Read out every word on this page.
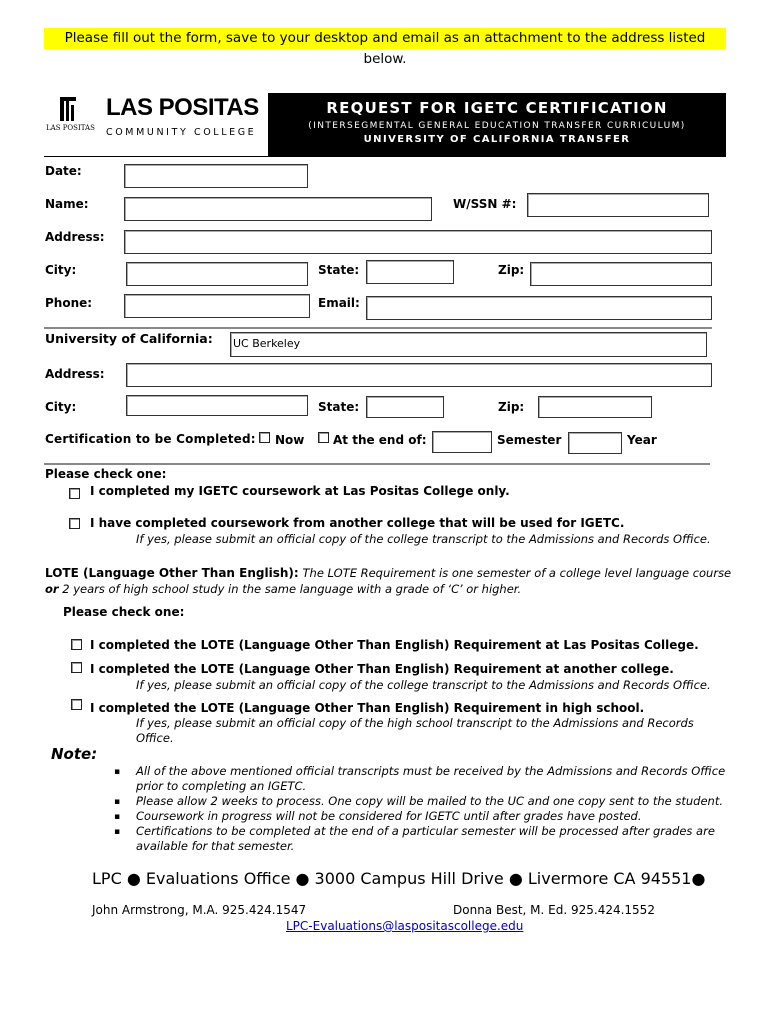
Please fill out the form, save to your desktop and email as an attachment to the address listed below.
LAS POSITAS
LAS POSITAS
COMMUNITY COLLEGE
REQUEST FOR IGETC CERTIFICATION
(INTERSEGMENTAL GENERAL EDUCATION TRANSFER CURRICULUM)
UNIVERSITY OF CALIFORNIA TRANSFER
Date:
Name:	W/SSN #:
Address:
City:	State:	Zip:
Phone:	Email:
University of California: UC Berkeley
Address:
City:	State:	Zip:
Certification to be Completed: Now At the end of:	Semester	Year
Please check one:
I completed my IGETC coursework at Las Positas College only.
I have completed coursework from another college that will be used for IGETC.
If yes, please submit an official copy of the college transcript to the Admissions and Records Office.
LOTE (Language Other Than English): The LOTE Requirement is one semester of a college level language course
or 2 years of high school study in the same language with a grade of ‘C’ or higher.
Please check one:
I completed the LOTE (Language Other Than English) Requirement at Las Positas College.
I completed the LOTE (Language Other Than English) Requirement at another college.
If yes, please submit an official copy of the college transcript to the Admissions and Records Office.
I completed the LOTE (Language Other Than English) Requirement in high school.
If yes, please submit an official copy of the high school transcript to the Admissions and Records
Office.
Note:
▪ All of the above mentioned official transcripts must be received by the Admissions and Records Office
prior to completing an IGETC.
▪ Please allow 2 weeks to process. One copy will be mailed to the UC and one copy sent to the student.
▪ Coursework in progress will not be considered for IGETC until after grades have posted.
▪ Certifications to be completed at the end of a particular semester will be processed after grades are
available for that semester.
LPC ● Evaluations Office ● 3000 Campus Hill Drive ● Livermore CA 94551●
John Armstrong, M.A. 925.424.1547	Donna Best, M. Ed. 925.424.1552
LPC-Evaluations@laspositascollege.edu
